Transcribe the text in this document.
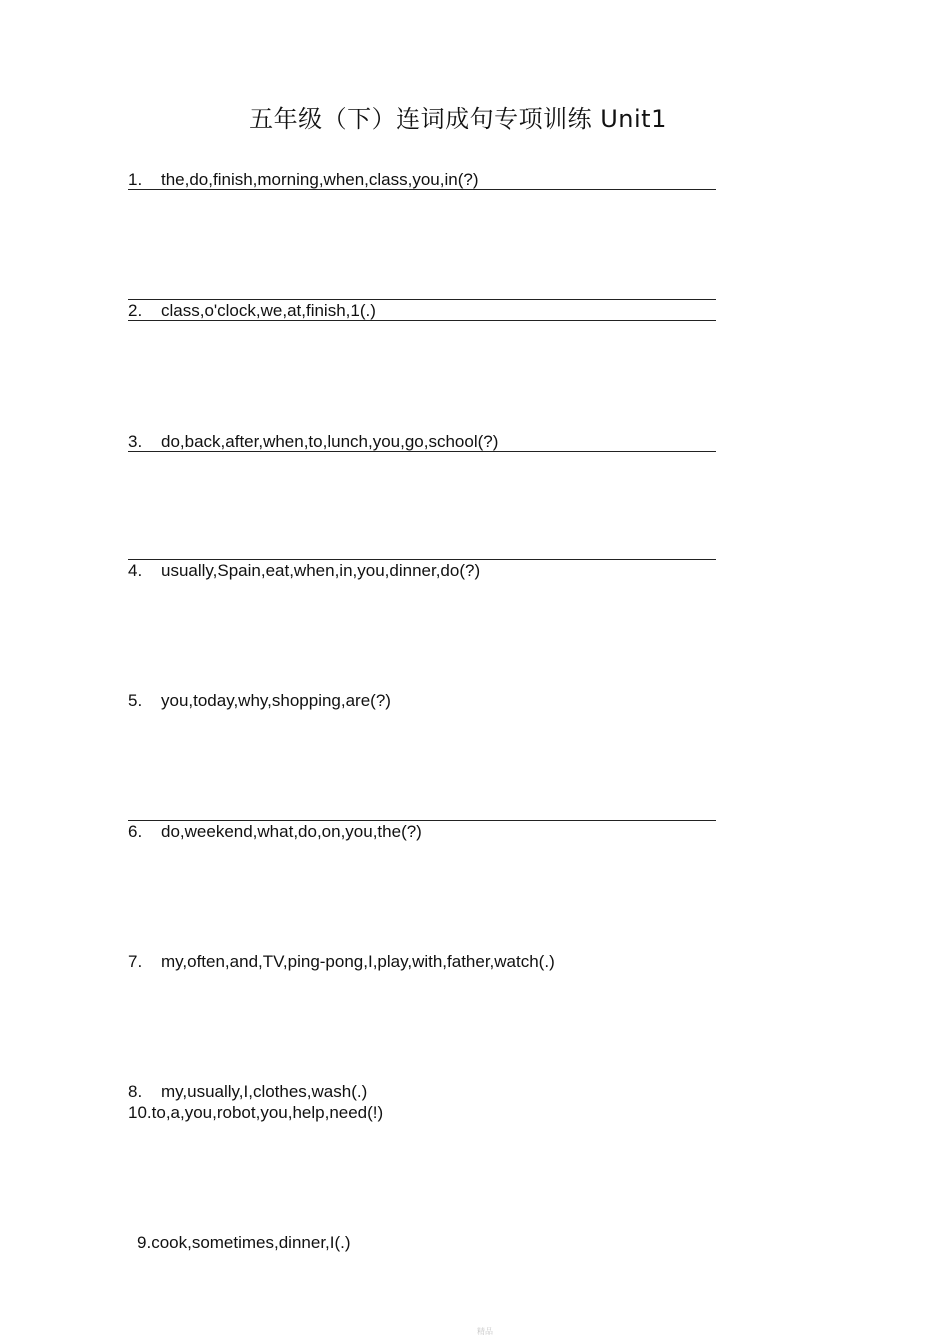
五年级（下）连词成句专项训练 Unit1
1. the,do,finish,morning,when,class,you,in(?)
2. class,o'clock,we,at,finish,1(.)
3. do,back,after,when,to,lunch,you,go,school(?)
4. usually,Spain,eat,when,in,you,dinner,do(?)
5. you,today,why,shopping,are(?)
6. do,weekend,what,do,on,you,the(?)
7. my,often,and,TV,ping-pong,I,play,with,father,watch(.)
8. my,usually,I,clothes,wash(.)
10.to,a,you,robot,you,help,need(!)
9.cook,sometimes,dinner,I(.)
精品
